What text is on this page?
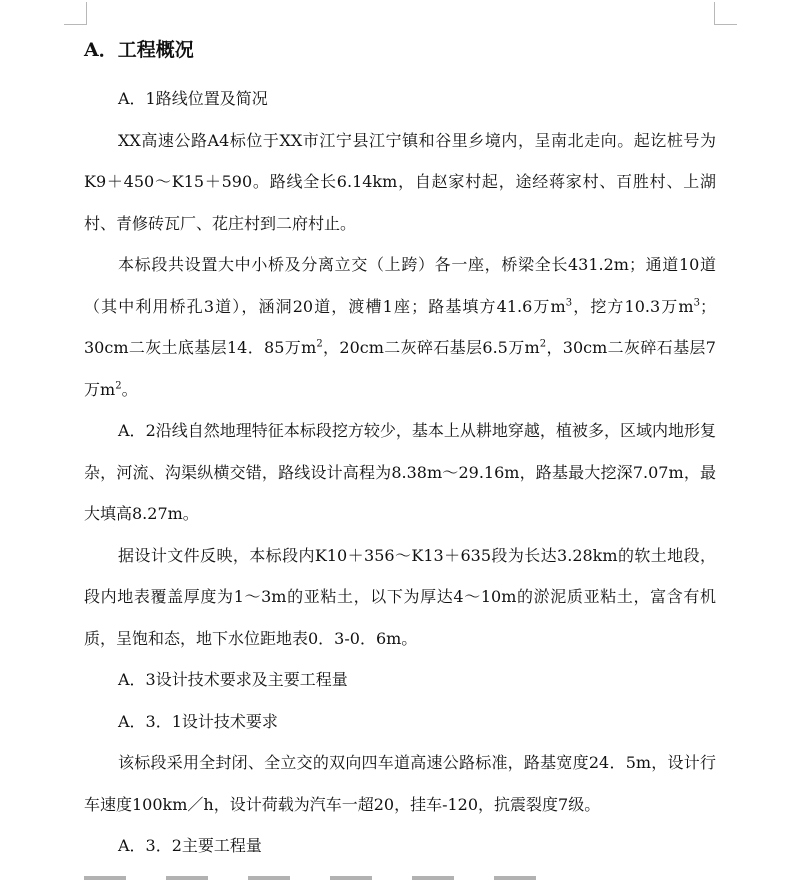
A．工程概况
A．1路线位置及简况

XX高速公路A4标位于XX市江宁县江宁镇和谷里乡境内，呈南北走向。起讫桩号为K9＋450～K15＋590。路线全长6.14km，自赵家村起，途经蒋家村、百胜村、上湖村、青修砖瓦厂、花庄村到二府村止。

本标段共设置大中小桥及分离立交（上跨）各一座，桥梁全长431.2m；通道10道（其中利用桥孔3道），涵洞20道，渡槽1座；路基填方41.6万$m^3$，挖方10.3万$m^3$；30cm二灰土底基层14．85万$m^2$，20cm二灰碎石基层6.5万$m^2$，30cm二灰碎石基层7万$m^2$。

A．2沿线自然地理特征本标段挖方较少，基本上从耕地穿越，植被多，区域内地形复杂，河流、沟渠纵横交错，路线设计高程为8.38m～29.16m，路基最大挖深7.07m，最大填高8.27m。

据设计文件反映，本标段内K10＋356～K13＋635段为长达3.28km的软土地段，段内地表覆盖厚度为1～3m的亚粘土，以下为厚达4～10m的淤泥质亚粘土，富含有机质，呈饱和态，地下水位距地表0．3-0．6m。

A．3设计技术要求及主要工程量
A．3．1设计技术要求

该标段采用全封闭、全立交的双向四车道高速公路标准，路基宽度24．5m，设计行车速度100km／h，设计荷载为汽车一超20，挂车-120，抗震裂度7级。

A．3．2主要工程量
